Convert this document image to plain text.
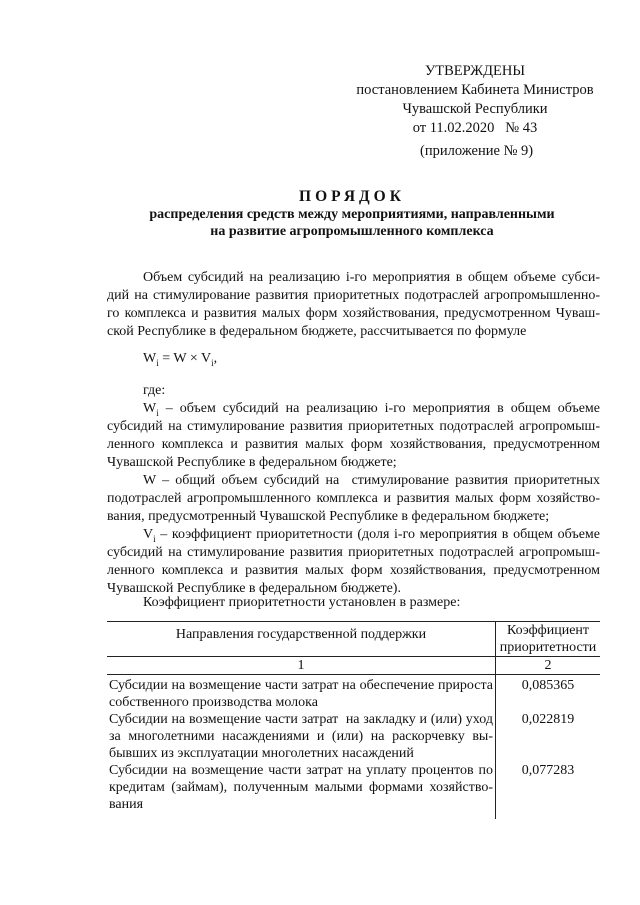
УТВЕРЖДЕНЫ
постановлением Кабинета Министров
Чувашской Республики
от 11.02.2020   № 43
(приложение № 9)
ПОРЯДОК
распределения средств между мероприятиями, направленными
на развитие агропромышленного комплекса

Объем субсидий на реализацию i-го мероприятия в общем объеме субси-

дий на стимулирование развития приоритетных подотраслей агропромышленно-

го комплекса и развития малых форм хозяйствования, предусмотренном Чуваш-

ской Республике в федеральном бюджете, рассчитывается по формуле

$W_i = W \times V_i$,

где:

$W_i$ – объем субсидий на реализацию i-го мероприятия в общем объеме

субсидий на стимулирование развития приоритетных подотраслей агропромыш-

ленного комплекса и развития малых форм хозяйствования, предусмотренном

Чувашской Республике в федеральном бюджете;

W – общий объем субсидий на  стимулирование развития приоритетных

подотраслей агропромышленного комплекса и развития малых форм хозяйство-

вания, предусмотренный Чувашской Республике в федеральном бюджете;

$V_i$ – коэффициент приоритетности (доля i-го мероприятия в общем объеме

субсидий на стимулирование развития приоритетных подотраслей агропромыш-

ленного комплекса и развития малых форм хозяйствования, предусмотренном

Чувашской Республике в федеральном бюджете).

Коэффициент приоритетности установлен в размере:
Направления государственной поддержки	Коэффициент
приоритетности

1	2

Субсидии на возмещение части затрат на обеспечение прироста
собственного производства молока	0,085365

Субсидии на возмещение части затрат  на закладку и (или) уход
за многолетними насаждениями и (или) на раскорчевку вы-
бывших из эксплуатации многолетних насаждений	0,022819

Субсидии на возмещение части затрат на уплату процентов по
кредитам (займам), полученным малыми формами хозяйство-
вания	0,077283
